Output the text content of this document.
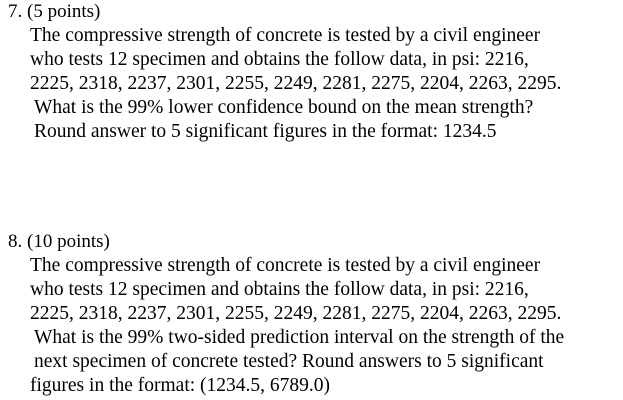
7. (5 points)
The compressive strength of concrete is tested by a civil engineer
who tests 12 specimen and obtains the follow data, in psi: 2216,
2225, 2318, 2237, 2301, 2255, 2249, 2281, 2275, 2204, 2263, 2295.
What is the 99% lower confidence bound on the mean strength?
Round answer to 5 significant figures in the format: 1234.5
8. (10 points)
The compressive strength of concrete is tested by a civil engineer
who tests 12 specimen and obtains the follow data, in psi: 2216,
2225, 2318, 2237, 2301, 2255, 2249, 2281, 2275, 2204, 2263, 2295.
What is the 99% two-sided prediction interval on the strength of the
next specimen of concrete tested? Round answers to 5 significant
figures in the format: (1234.5, 6789.0)
